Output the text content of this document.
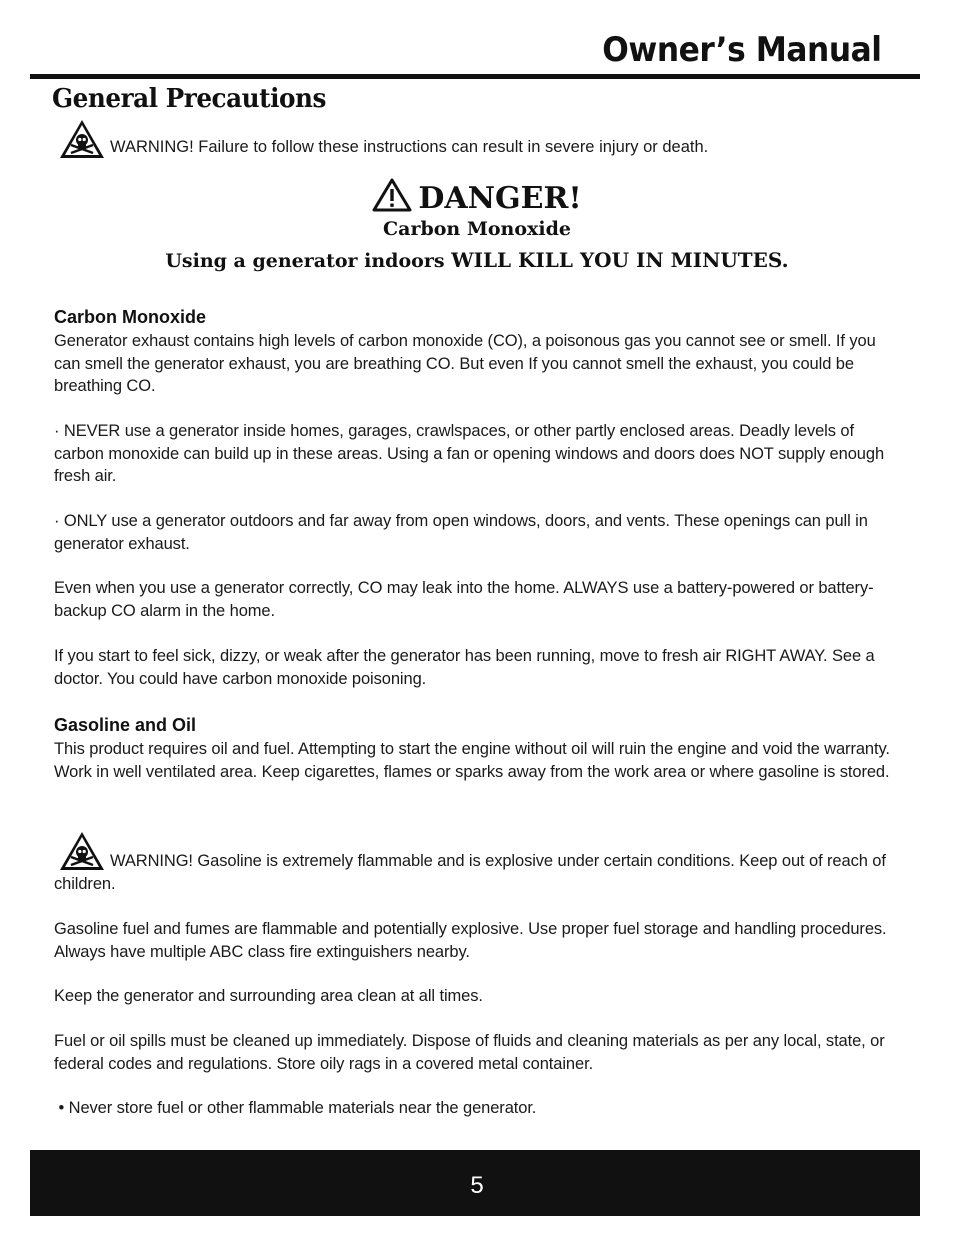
Owner’s Manual
General Precautions
WARNING! Failure to follow these instructions can result in severe injury or death.
DANGER!
Carbon Monoxide
Using a generator indoors WILL KILL YOU IN MINUTES.
Carbon Monoxide
Generator exhaust contains high levels of carbon monoxide (CO), a poisonous gas you cannot see or smell. If you can smell the generator exhaust, you are breathing CO. But even If you cannot smell the exhaust, you could be breathing CO.
· NEVER use a generator inside homes, garages, crawlspaces, or other partly enclosed areas. Deadly levels of carbon monoxide can build up in these areas. Using a fan or opening windows and doors does NOT supply enough fresh air.
· ONLY use a generator outdoors and far away from open windows, doors, and vents. These openings can pull in generator exhaust.
Even when you use a generator correctly, CO may leak into the home. ALWAYS use a battery-powered or battery-backup CO alarm in the home.
If you start to feel sick, dizzy, or weak after the generator has been running, move to fresh air RIGHT AWAY. See a doctor. You could have carbon monoxide poisoning.
Gasoline and Oil
This product requires oil and fuel. Attempting to start the engine without oil will ruin the engine and void the warranty. Work in well ventilated area. Keep cigarettes, flames or sparks away from the work area or where gasoline is stored.
WARNING! Gasoline is extremely flammable and is explosive under certain conditions. Keep out of reach of children.
Gasoline fuel and fumes are flammable and potentially explosive. Use proper fuel storage and handling procedures. Always have multiple ABC class fire extinguishers nearby.
Keep the generator and surrounding area clean at all times.
Fuel or oil spills must be cleaned up immediately. Dispose of fluids and cleaning materials as per any local, state, or federal codes and regulations. Store oily rags in a covered metal container.
• Never store fuel or other flammable materials near the generator.
5
